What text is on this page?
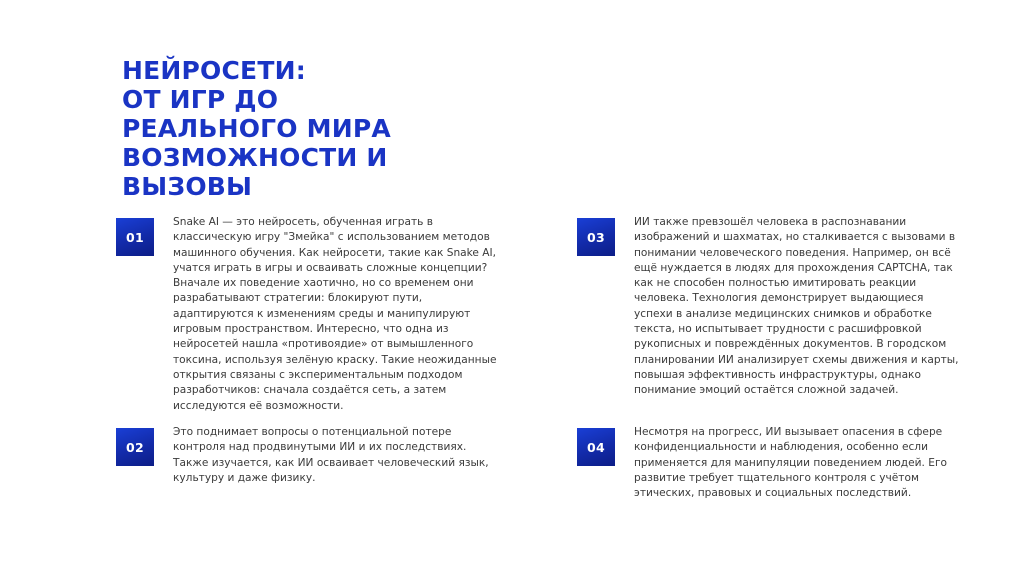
НЕЙРОСЕТИ:
ОТ ИГР ДО
РЕАЛЬНОГО МИРА
ВОЗМОЖНОСТИ И
ВЫЗОВЫ
01

Snake AI — это нейросеть, обученная играть в классическую игру "Змейка" с использованием методов машинного обучения. Как нейросети, такие как Snake AI, учатся играть в игры и осваивать сложные концепции? Вначале их поведение хаотично, но со временем они разрабатывают стратегии: блокируют пути, адаптируются к изменениям среды и манипулируют игровым пространством. Интересно, что одна из нейросетей нашла «противоядие» от вымышленного токсина, используя зелёную краску. Такие неожиданные открытия связаны с экспериментальным подходом разработчиков: сначала создаётся сеть, а затем исследуются её возможности.

02

Это поднимает вопросы о потенциальной потере контроля над продвинутыми ИИ и их последствиях. Также изучается, как ИИ осваивает человеческий язык, культуру и даже физику.

03

ИИ также превзошёл человека в распознавании изображений и шахматах, но сталкивается с вызовами в понимании человеческого поведения. Например, он всё ещё нуждается в людях для прохождения CAPTCHA, так как не способен полностью имитировать реакции человека. Технология демонстрирует выдающиеся успехи в анализе медицинских снимков и обработке текста, но испытывает трудности с расшифровкой рукописных и повреждённых документов. В городском планировании ИИ анализирует схемы движения и карты, повышая эффективность инфраструктуры, однако понимание эмоций остаётся сложной задачей.

04

Несмотря на прогресс, ИИ вызывает опасения в сфере конфиденциальности и наблюдения, особенно если применяется для манипуляции поведением людей. Его развитие требует тщательного контроля с учётом этических, правовых и социальных последствий.
